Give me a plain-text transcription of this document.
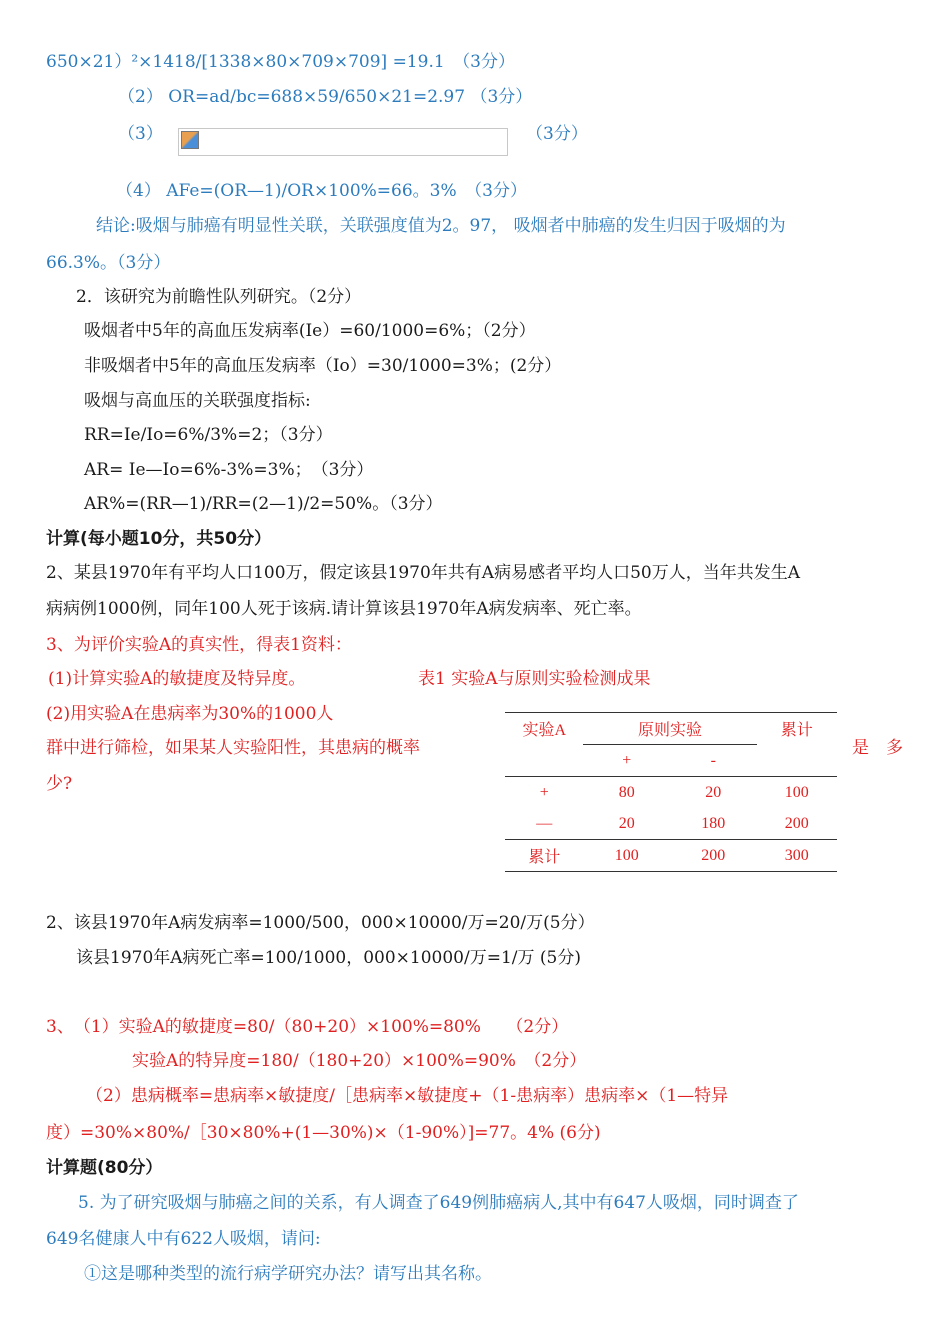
650×21）²×1418/[1338×80×709×709] =19.1　（3分）
（2） OR=ad/bc=688×59/650×21=2.97 （3分）
（3）	（3分）
（4） AFe=(OR—1)/OR×100%=66。3%　（3分）
结论:吸烟与肺癌有明显性关联，关联强度值为2。97， 吸烟者中肺癌的发生归因于吸烟的为
66.3%。（3分）
2．该研究为前瞻性队列研究。（2分）
吸烟者中5年的高血压发病率(Ie）=60/1000=6%；（2分）
非吸烟者中5年的高血压发病率（Io）=30/1000=3%；(2分）
吸烟与高血压的关联强度指标:
RR=Ie/Io=6%/3%=2；（3分）
AR= Ie—Io=6%-3%=3%；　（3分）
AR%=(RR—1)/RR=(2—1)/2=50%。（3分）
计算(每小题10分，共50分）
2、某县1970年有平均人口100万，假定该县1970年共有A病易感者平均人口50万人，当年共发生A
病病例1000例，同年100人死于该病.请计算该县1970年A病发病率、死亡率。
3、为评价实验A的真实性，得表1资料：
(1)计算实验A的敏捷度及特异度。	表1 实验A与原则实验检测成果
(2)用实验A在患病率为30%的1000人
群中进行筛检，如果某人实验阳性，其患病的概率	是　多
少?
实验A	原则实验		累计
	+	-	
+	80	20	100
—	20	180	200
累计	100	200	300
2、该县1970年A病发病率=1000/500，000×10000/万=20/万(5分）
该县1970年A病死亡率=100/1000，000×10000/万=1/万 (5分)
3、　（1）实验A的敏捷度=80/（80+20）×100%=80%　　（2分）
实验A的特异度=180/（180+20）×100%=90%　（2分）
（2）患病概率=患病率×敏捷度/［患病率×敏捷度+（1-患病率）患病率×（1—特异
度）=30%×80%/［30×80%+(1—30%)×（1-90%）]=77。4% (6分)
计算题(80分）
5. 为了研究吸烟与肺癌之间的关系，有人调查了649例肺癌病人,其中有647人吸烟，同时调查了
649名健康人中有622人吸烟，请问:
①这是哪种类型的流行病学研究办法？请写出其名称。
